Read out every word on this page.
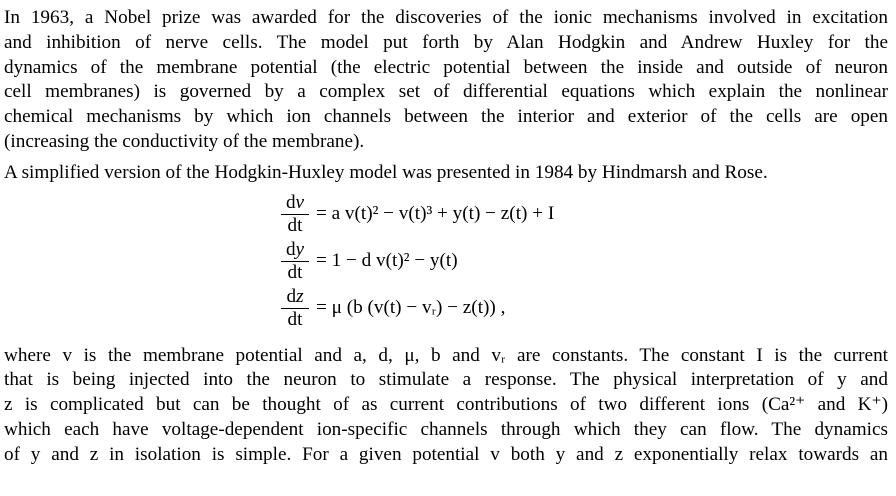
In 1963, a Nobel prize was awarded for the discoveries of the ionic mechanisms involved in excitation
and inhibition of nerve cells. The model put forth by Alan Hodgkin and Andrew Huxley for the
dynamics of the membrane potential (the electric potential between the inside and outside of neuron
cell membranes) is governed by a complex set of differential equations which explain the nonlinear
chemical mechanisms by which ion channels between the interior and exterior of the cells are open
(increasing the conductivity of the membrane).

A simplified version of the Hodgkin-Huxley model was presented in 1984 by Hindmarsh and Rose.

$\frac{dv}{dt} = a$ v(t)² − v(t)³ + y(t) − z(t) + I
$\frac{dy}{dt} = 1 - d$ v(t)² − y(t)
$\frac{dz}{dt} = \mu$ (b (v(t) − vᵣ) − z(t)) ,

where v is the membrane potential and a, d, μ, b and vᵣ are constants. The constant I is the current
that is being injected into the neuron to stimulate a response. The physical interpretation of y and
z is complicated but can be thought of as current contributions of two different ions (Ca²⁺ and K⁺)
which each have voltage-dependent ion-specific channels through which they can flow. The dynamics
of y and z in isolation is simple. For a given potential v both y and z exponentially relax towards an
